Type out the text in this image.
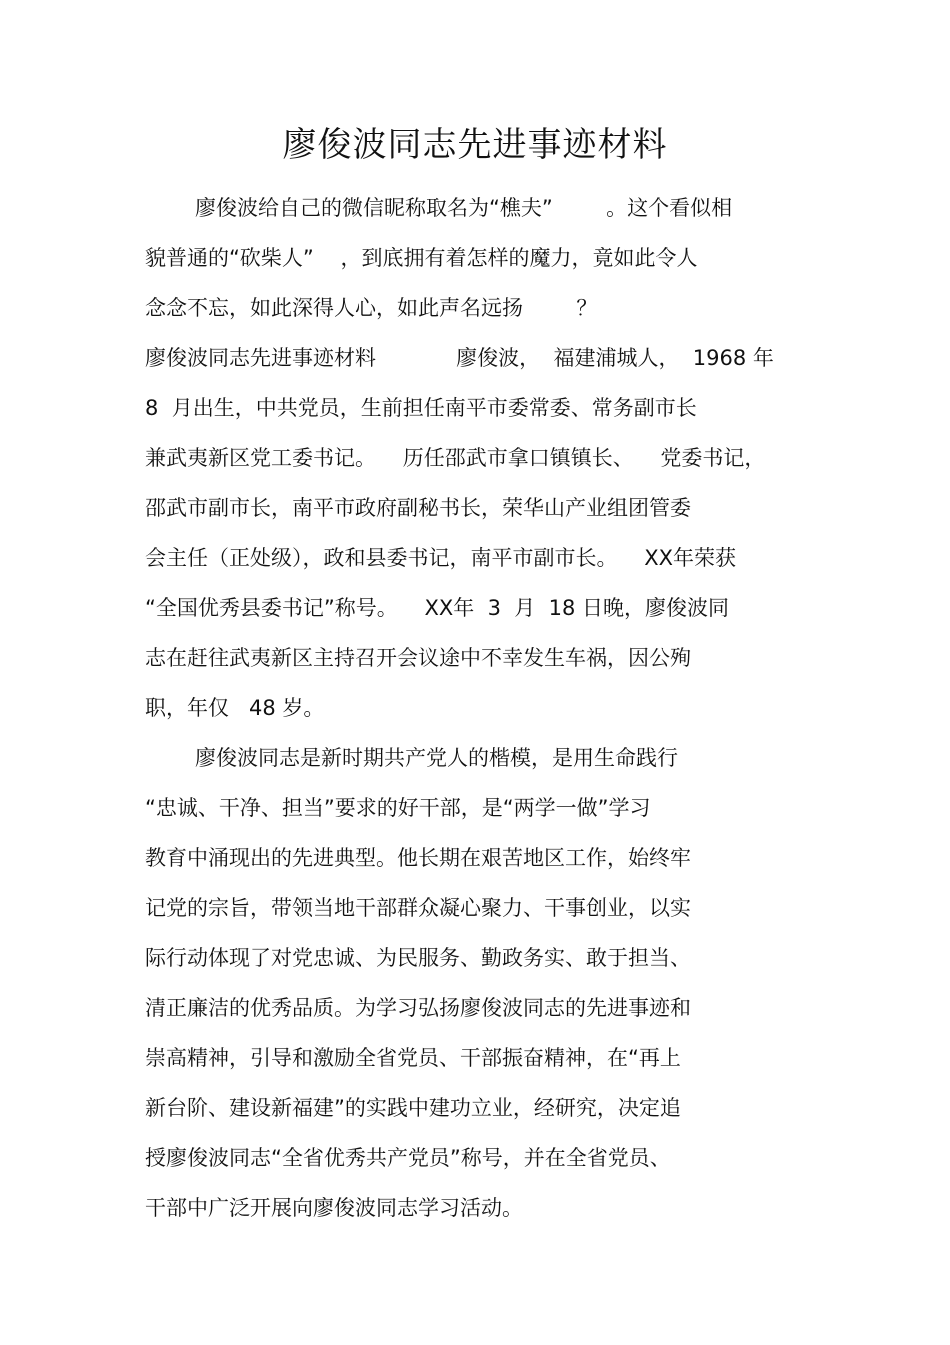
廖俊波同志先进事迹材料

廖俊波给自己的微信昵称取名为“樵夫”        。这个看似相

貌普通的“砍柴人”    ，到底拥有着怎样的魔力，竟如此令人

念念不忘，如此深得人心，如此声名远扬        ？

廖俊波同志先进事迹材料            廖俊波，  福建浦城人，  1968 年

8  月出生，中共党员，生前担任南平市委常委、常务副市长

兼武夷新区党工委书记。    历任邵武市拿口镇镇长、    党委书记，

邵武市副市长，南平市政府副秘书长，荣华山产业组团管委

会主任（正处级），政和县委书记，南平市副市长。    XX年荣获

“全国优秀县委书记”称号。    XX年  3  月  18 日晚，廖俊波同

志在赶往武夷新区主持召开会议途中不幸发生车祸，因公殉

职，年仅   48 岁。

廖俊波同志是新时期共产党人的楷模，是用生命践行

“忠诚、干净、担当”要求的好干部，是“两学一做”学习

教育中涌现出的先进典型。他长期在艰苦地区工作，始终牢

记党的宗旨，带领当地干部群众凝心聚力、干事创业，以实

际行动体现了对党忠诚、为民服务、勤政务实、敢于担当、

清正廉洁的优秀品质。为学习弘扬廖俊波同志的先进事迹和

崇高精神，引导和激励全省党员、干部振奋精神，在“再上

新台阶、建设新福建”的实践中建功立业，经研究，决定追

授廖俊波同志“全省优秀共产党员”称号，并在全省党员、

干部中广泛开展向廖俊波同志学习活动。
